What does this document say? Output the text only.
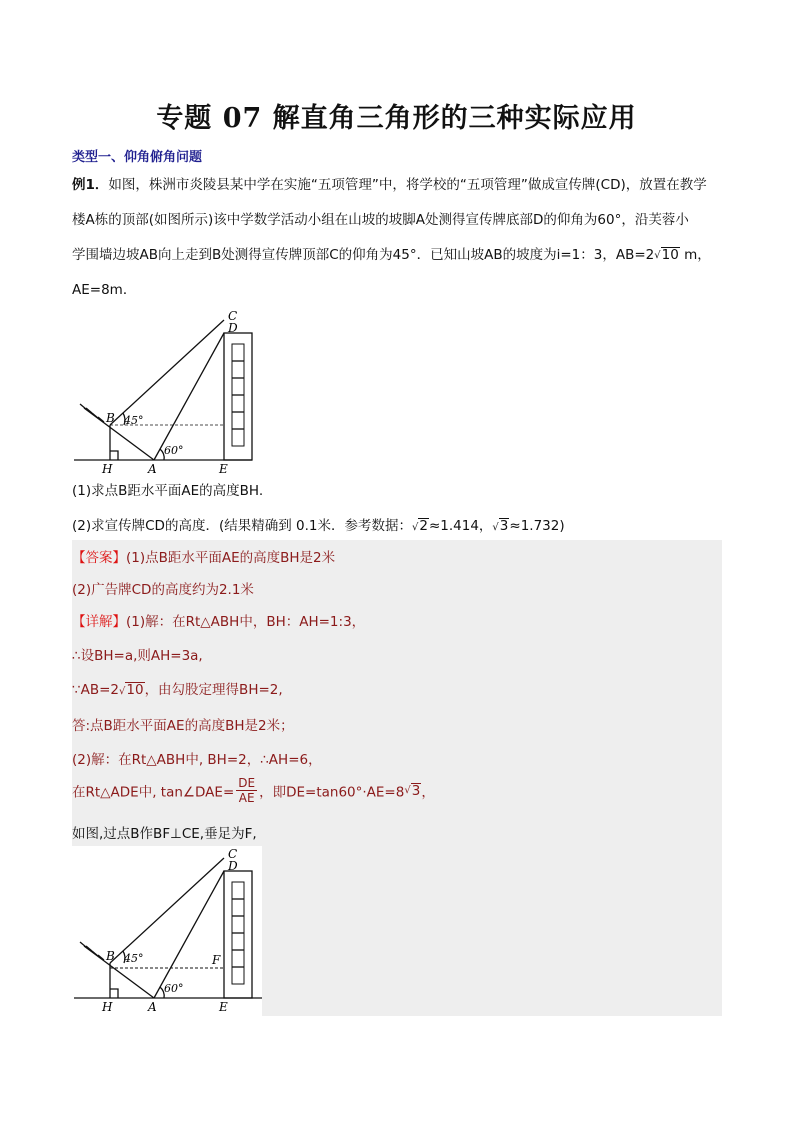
专题 07 解直角三角形的三种实际应用
类型一、仰角俯角问题
例1．如图，株洲市炎陵县某中学在实施“五项管理”中，将学校的“五项管理”做成宣传牌(CD)，放置在教学
楼A栋的顶部(如图所示)该中学数学活动小组在山坡的坡脚A处测得宣传牌底部D的仰角为60°，沿芙蓉小
学围墙边坡AB向上走到B处测得宣传牌顶部C的仰角为45°．已知山坡AB的坡度为i=1：3，AB=2√10 m，
AE=8m．
C
D
B 45°
60°
H	A	E
(1)求点B距水平面AE的高度BH.
(2)求宣传牌CD的高度．(结果精确到 0.1米．参考数据：√2≈1.414，√3≈1.732)
【答案】(1)点B距水平面AE的高度BH是2米
(2)广告牌CD的高度约为2.1米
【详解】(1)解：在Rt△ABH中，BH：AH=1:3，
∴设BH=a,则AH=3a,
∵AB=2√10，由勾股定理得BH=2,
答:点B距水平面AE的高度BH是2米；
(2)解：在Rt△ABH中, BH=2，∴AH=6，
在Rt△ADE中, tan∠DAE= $\frac{DE}{AE}$ ，即DE=tan60°·AE=8√3，
如图,过点B作BF⊥CE,垂足为F,
C
D
B 45°	F
60°
H	A	E
